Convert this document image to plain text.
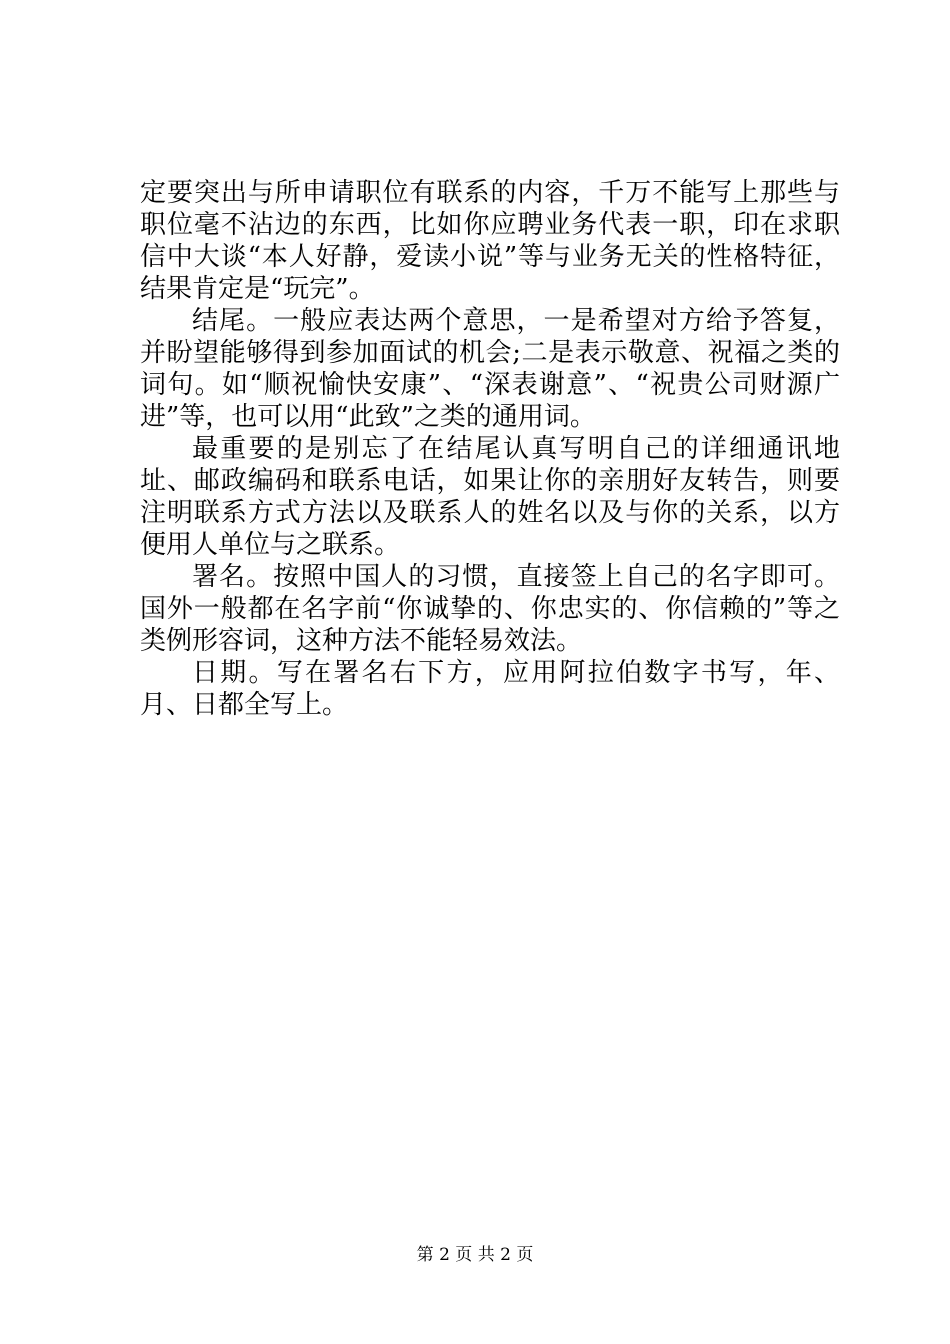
定要突出与所申请职位有联系的内容，千万不能写上那些与职位毫不沾边的东西，比如你应聘业务代表一职，印在求职信中大谈“本人好静，爱读小说”等与业务无关的性格特征，结果肯定是“玩完”。

结尾。一般应表达两个意思，一是希望对方给予答复，并盼望能够得到参加面试的机会;二是表示敬意、祝福之类的词句。如“顺祝愉快安康”、“深表谢意”、“祝贵公司财源广进”等，也可以用“此致”之类的通用词。

最重要的是别忘了在结尾认真写明自己的详细通讯地址、邮政编码和联系电话，如果让你的亲朋好友转告，则要注明联系方式方法以及联系人的姓名以及与你的关系，以方便用人单位与之联系。

署名。按照中国人的习惯，直接签上自己的名字即可。国外一般都在名字前“你诚挚的、你忠实的、你信赖的”等之类例形容词，这种方法不能轻易效法。

日期。写在署名右下方，应用阿拉伯数字书写，年、月、日都全写上。

第 2 页 共 2 页
